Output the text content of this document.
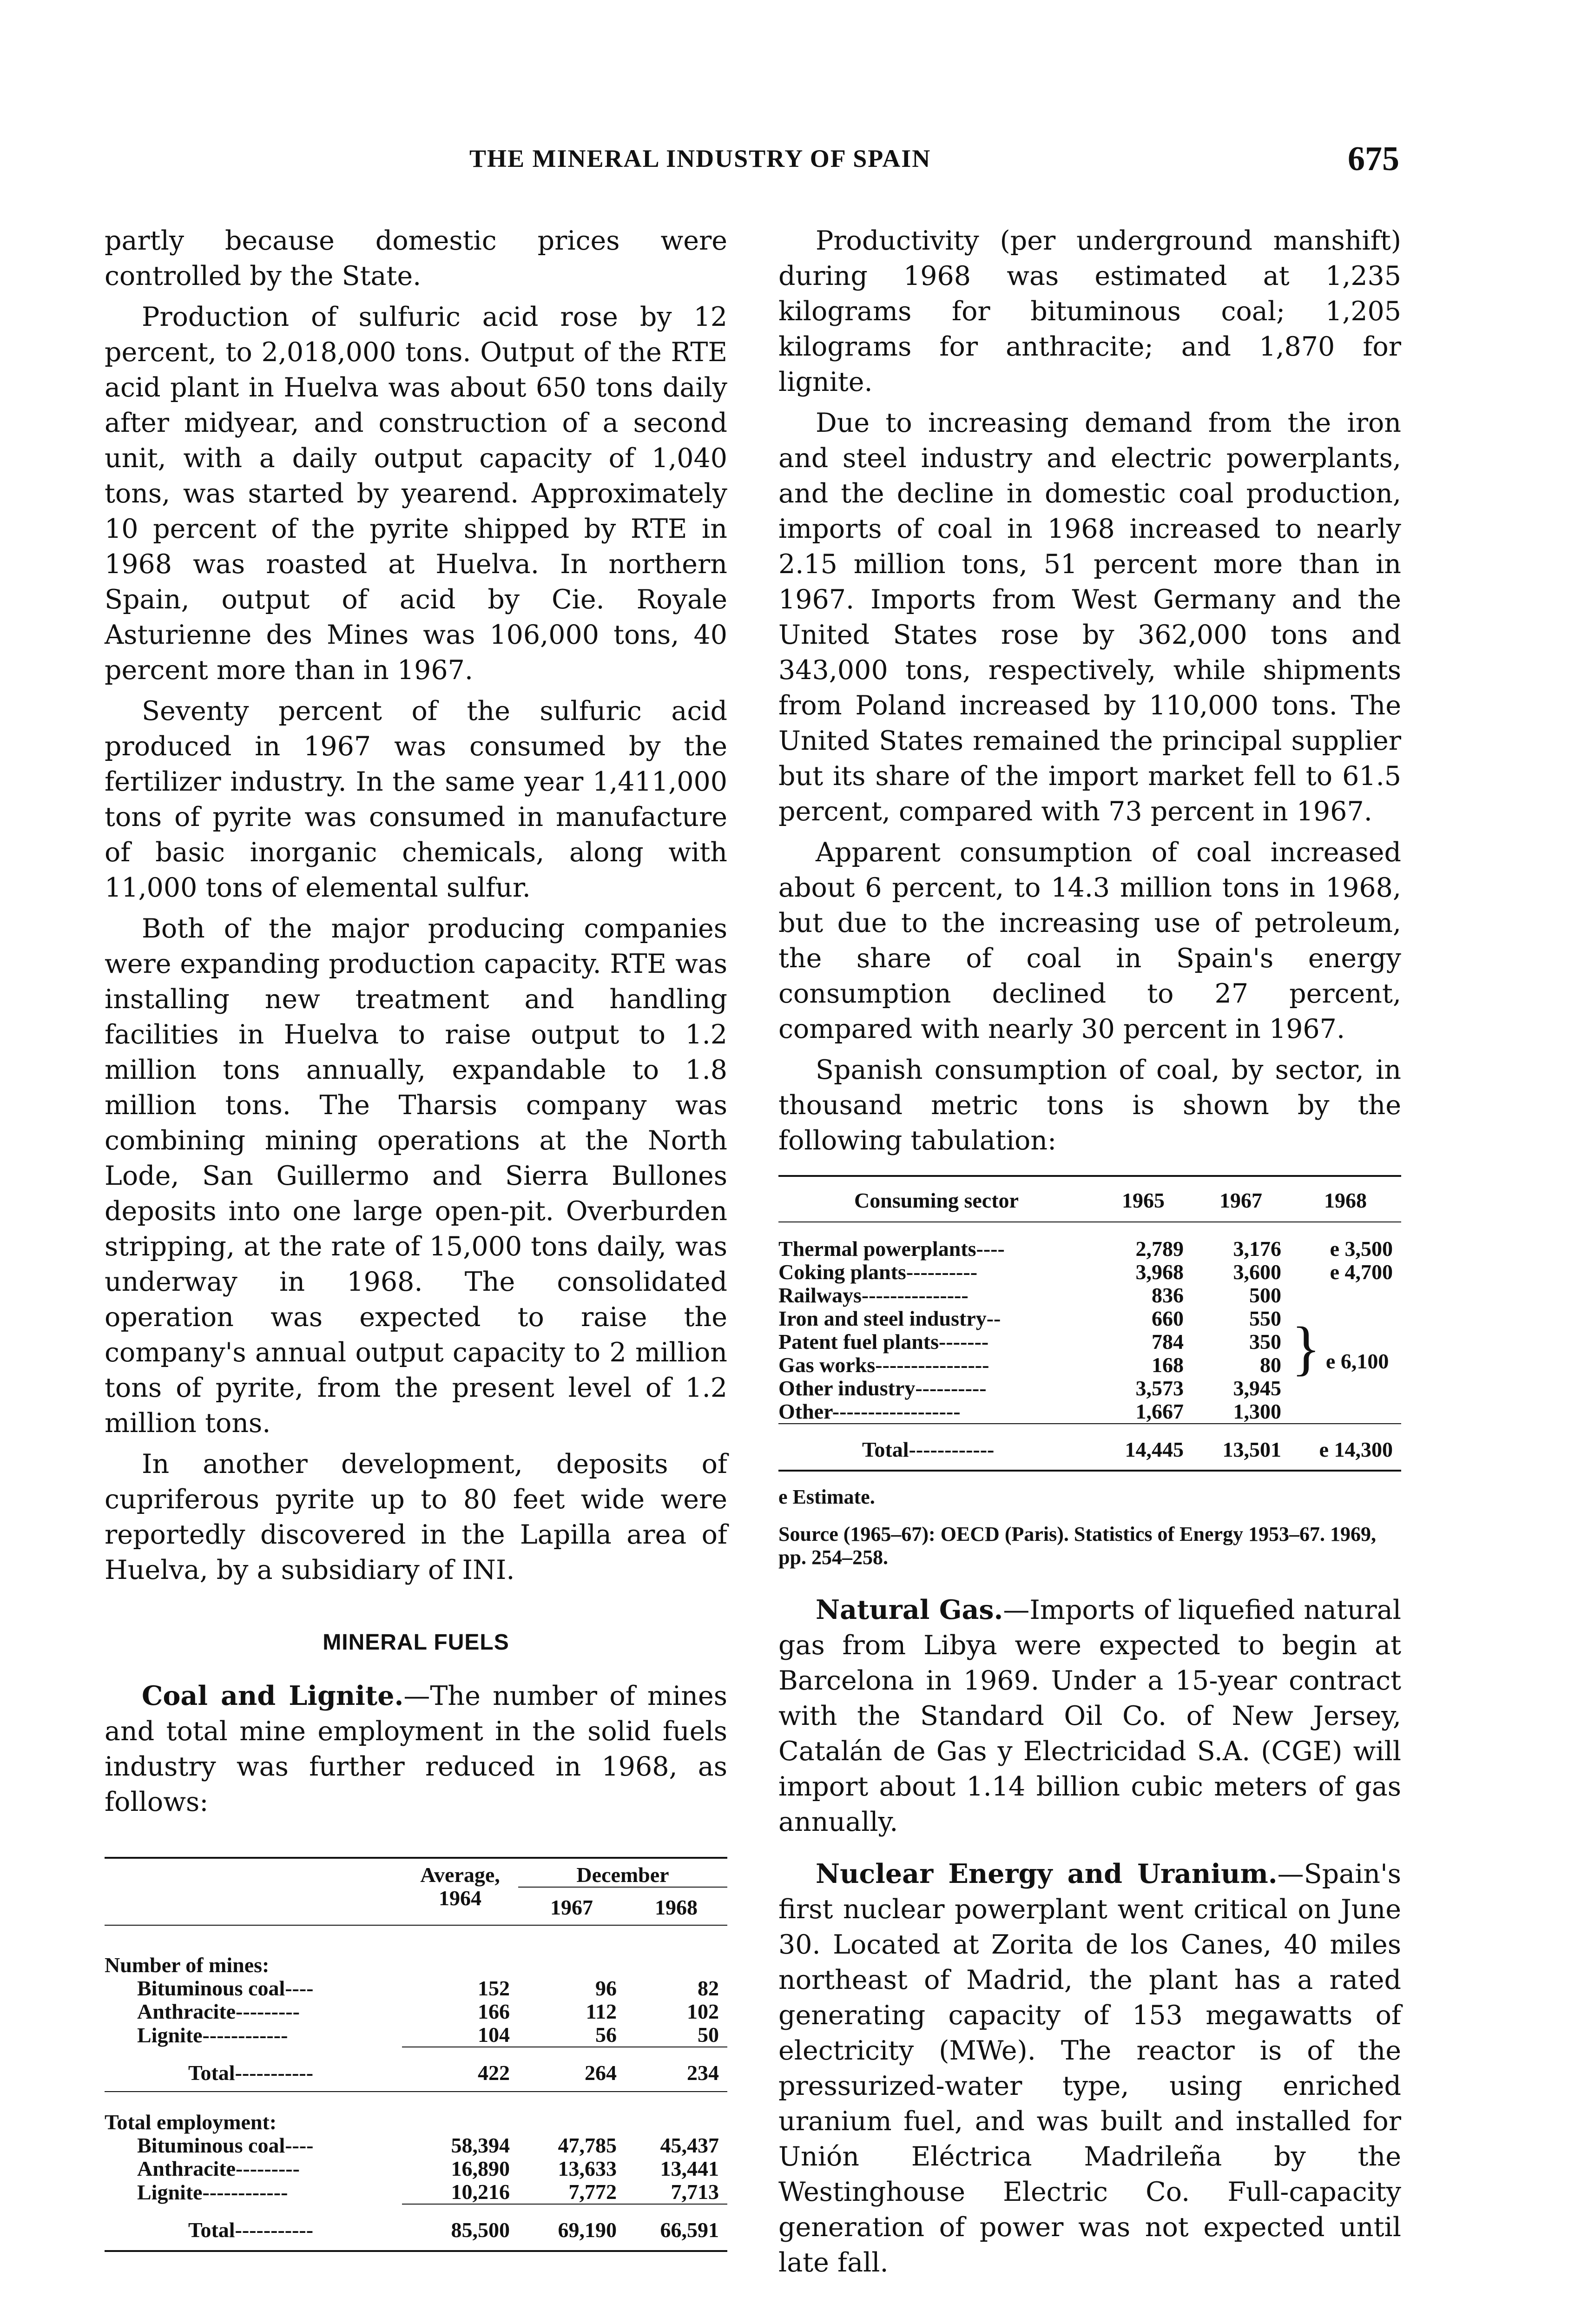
THE MINERAL INDUSTRY OF SPAIN	675

partly because domestic prices were controlled by the State.

Production of sulfuric acid rose by 12 percent, to 2,018,000 tons. Output of the RTE acid plant in Huelva was about 650 tons daily after midyear, and construction of a second unit, with a daily output capacity of 1,040 tons, was started by yearend. Approximately 10 percent of the pyrite shipped by RTE in 1968 was roasted at Huelva. In northern Spain, output of acid by Cie. Royale Asturienne des Mines was 106,000 tons, 40 percent more than in 1967.

Seventy percent of the sulfuric acid produced in 1967 was consumed by the fertilizer industry. In the same year 1,411,000 tons of pyrite was consumed in manufacture of basic inorganic chemicals, along with 11,000 tons of elemental sulfur.

Both of the major producing companies were expanding production capacity. RTE was installing new treatment and handling facilities in Huelva to raise output to 1.2 million tons annually, expandable to 1.8 million tons. The Tharsis company was combining mining operations at the North Lode, San Guillermo and Sierra Bullones deposits into one large open-pit. Overburden stripping, at the rate of 15,000 tons daily, was underway in 1968. The consolidated operation was expected to raise the company's annual output capacity to 2 million tons of pyrite, from the present level of 1.2 million tons.

In another development, deposits of cupriferous pyrite up to 80 feet wide were reportedly discovered in the Lapilla area of Huelva, by a subsidiary of INI.

MINERAL FUELS

Coal and Lignite.—The number of mines and total mine employment in the solid fuels industry was further reduced in 1968, as follows:

	Average, 1964	December	
		1967	1968
Number of mines:			
Bituminous coal----	152	96	82
Anthracite---------	166	112	102
Lignite------------	104	56	50
Total-----------	422	264	234
Total employment:			
Bituminous coal----	58,394	47,785	45,437
Anthracite---------	16,890	13,633	13,441
Lignite------------	10,216	7,772	7,713
Total-----------	85,500	69,190	66,591

Productivity (per underground manshift) during 1968 was estimated at 1,235 kilograms for bituminous coal; 1,205 kilograms for anthracite; and 1,870 for lignite.

Due to increasing demand from the iron and steel industry and electric powerplants, and the decline in domestic coal production, imports of coal in 1968 increased to nearly 2.15 million tons, 51 percent more than in 1967. Imports from West Germany and the United States rose by 362,000 tons and 343,000 tons, respectively, while shipments from Poland increased by 110,000 tons. The United States remained the principal supplier but its share of the import market fell to 61.5 percent, compared with 73 percent in 1967.

Apparent consumption of coal increased about 6 percent, to 14.3 million tons in 1968, but due to the increasing use of petroleum, the share of coal in Spain's energy consumption declined to 27 percent, compared with nearly 30 percent in 1967.

Spanish consumption of coal, by sector, in thousand metric tons is shown by the following tabulation:

Consuming sector	1965	1967	1968
Thermal powerplants----	2,789	3,176	e 3,500
Coking plants----------	3,968	3,600	e 4,700
Railways---------------	836	500	} e 6,100
Iron and steel industry--	660	550	
Patent fuel plants-------	784	350	
Gas works----------------	168	80	
Other industry----------	3,573	3,945	
Other------------------	1,667	1,300	
Total------------	14,445	13,501	e 14,300
e Estimate.
Source (1965–67): OECD (Paris). Statistics of Energy 1953–67. 1969, pp. 254–258.

Natural Gas.—Imports of liquefied natural gas from Libya were expected to begin at Barcelona in 1969. Under a 15-year contract with the Standard Oil Co. of New Jersey, Catalán de Gas y Electricidad S.A. (CGE) will import about 1.14 billion cubic meters of gas annually.

Nuclear Energy and Uranium.—Spain's first nuclear powerplant went critical on June 30. Located at Zorita de los Canes, 40 miles northeast of Madrid, the plant has a rated generating capacity of 153 megawatts of electricity (MWe). The reactor is of the pressurized-water type, using enriched uranium fuel, and was built and installed for Unión Eléctrica Madrileña by the Westinghouse Electric Co. Full-capacity generation of power was not expected until late fall.
